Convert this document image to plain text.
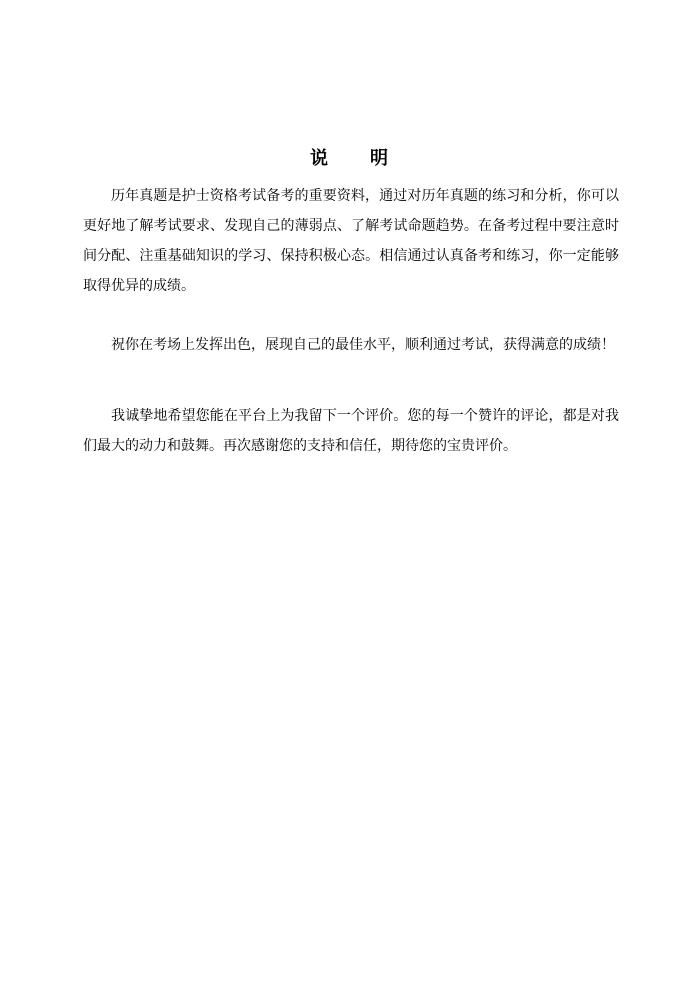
说　　明

历年真题是护士资格考试备考的重要资料，通过对历年真题的练习和分析，你可以更好地了解考试要求、发现自己的薄弱点、了解考试命题趋势。在备考过程中要注意时间分配、注重基础知识的学习、保持积极心态。相信通过认真备考和练习，你一定能够取得优异的成绩。

祝你在考场上发挥出色，展现自己的最佳水平，顺利通过考试，获得满意的成绩！

我诚挚地希望您能在平台上为我留下一个评价。您的每一个赞许的评论，都是对我们最大的动力和鼓舞。再次感谢您的支持和信任，期待您的宝贵评价。
